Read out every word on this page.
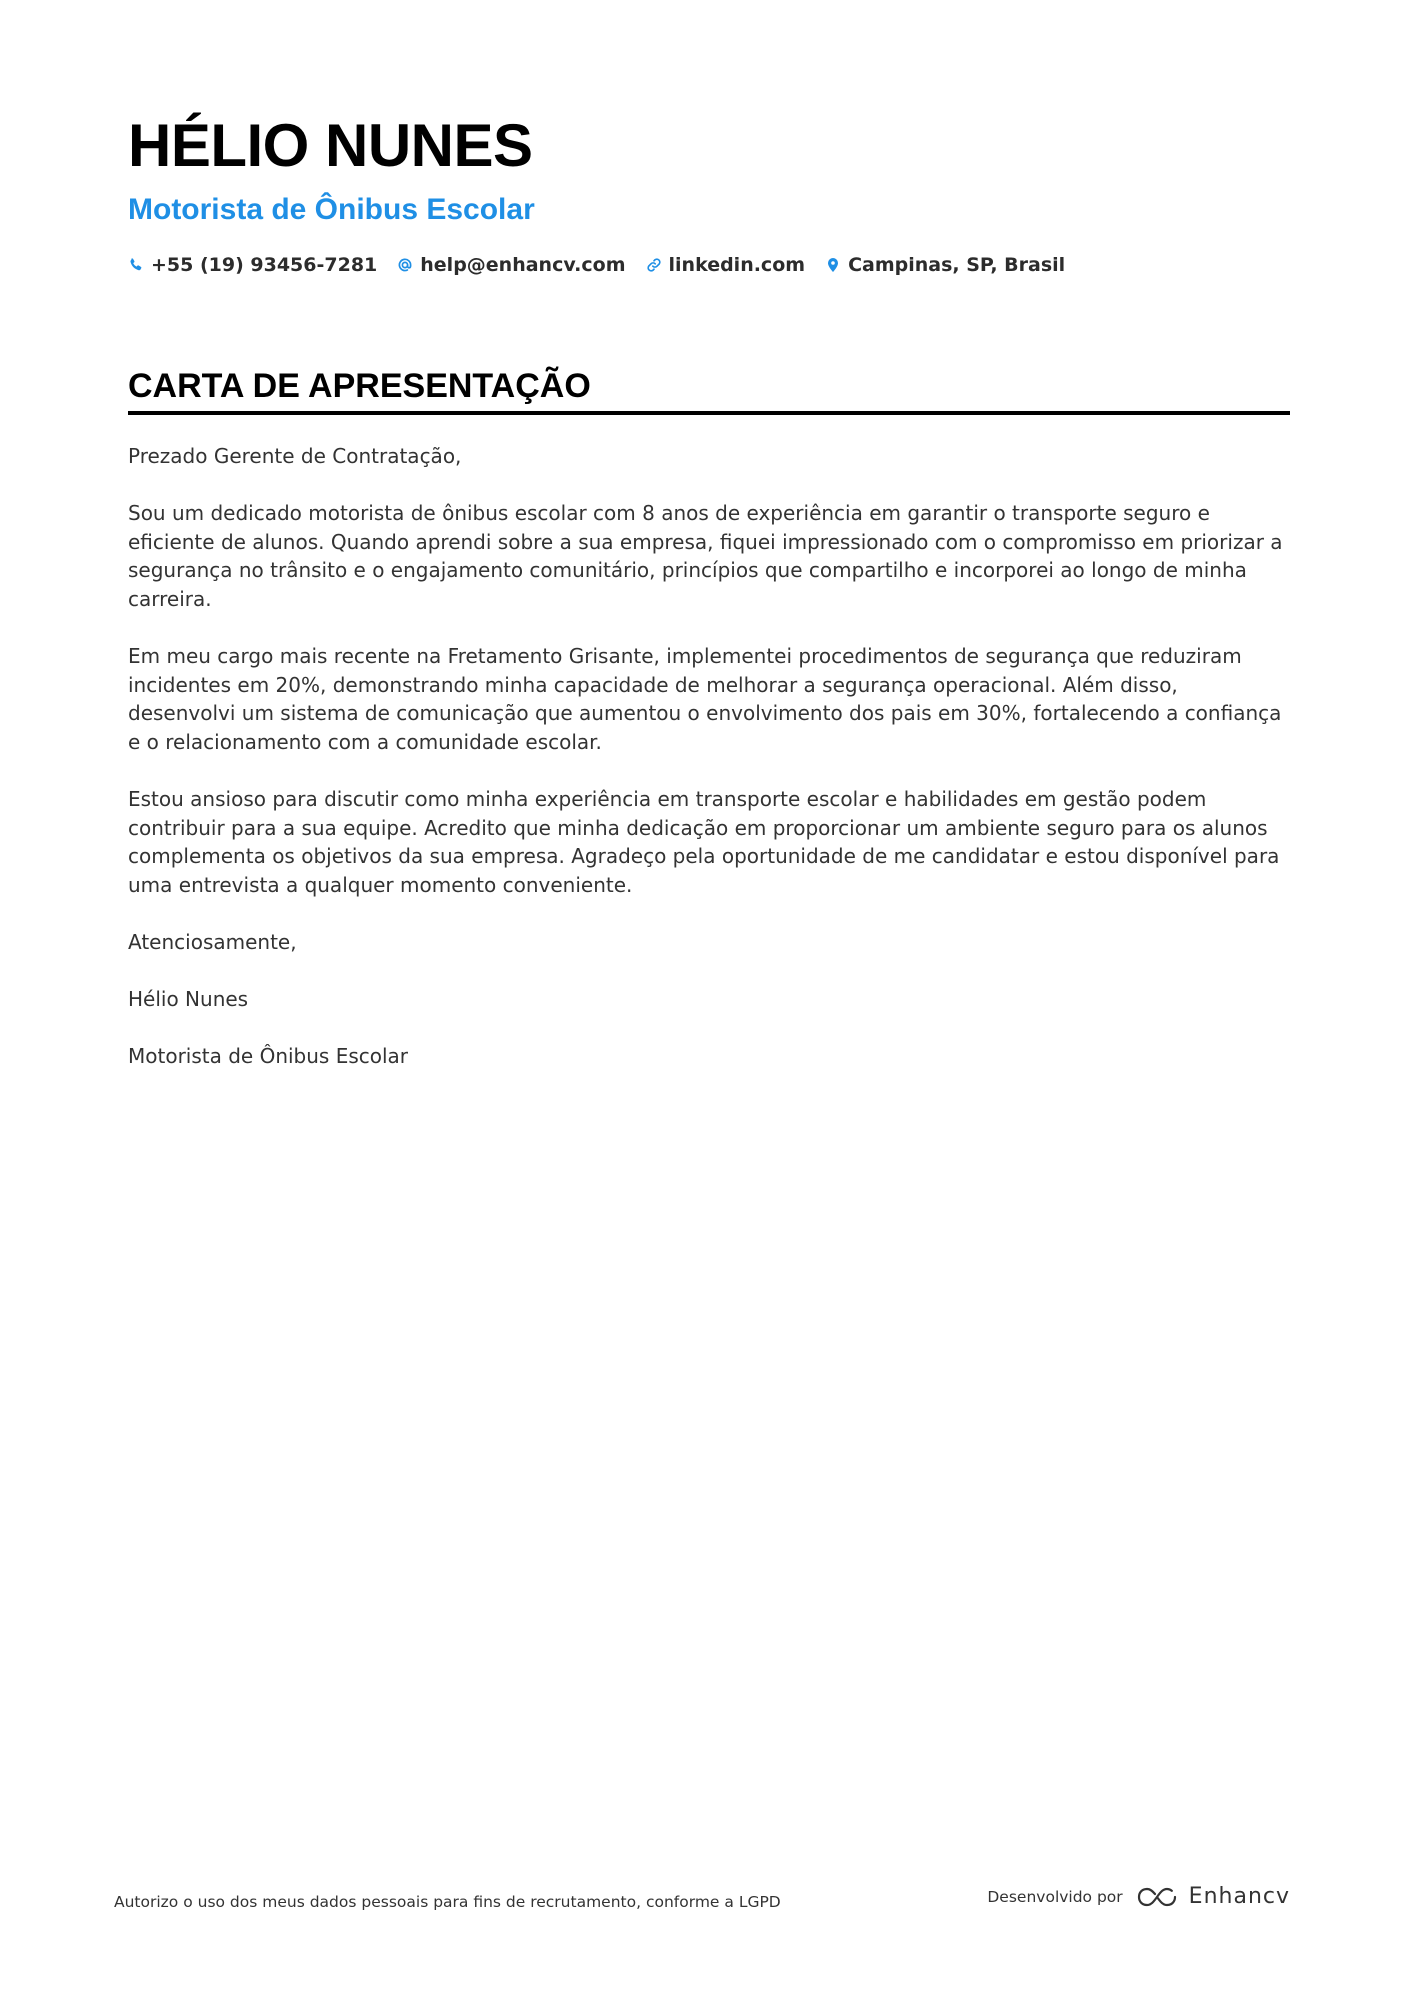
HÉLIO NUNES
Motorista de Ônibus Escolar
+55 (19) 93456-7281 help@enhancv.com linkedin.com Campinas, SP, Brasil
CARTA DE APRESENTAÇÃO

Prezado Gerente de Contratação,

Sou um dedicado motorista de ônibus escolar com 8 anos de experiência em garantir o transporte seguro e eficiente de alunos. Quando aprendi sobre a sua empresa, fiquei impressionado com o compromisso em priorizar a segurança no trânsito e o engajamento comunitário, princípios que compartilho e incorporei ao longo de minha carreira.

Em meu cargo mais recente na Fretamento Grisante, implementei procedimentos de segurança que reduziram incidentes em 20%, demonstrando minha capacidade de melhorar a segurança operacional. Além disso, desenvolvi um sistema de comunicação que aumentou o envolvimento dos pais em 30%, fortalecendo a confiança e o relacionamento com a comunidade escolar.

Estou ansioso para discutir como minha experiência em transporte escolar e habilidades em gestão podem contribuir para a sua equipe. Acredito que minha dedicação em proporcionar um ambiente seguro para os alunos complementa os objetivos da sua empresa. Agradeço pela oportunidade de me candidatar e estou disponível para uma entrevista a qualquer momento conveniente.

Atenciosamente,

Hélio Nunes

Motorista de Ônibus Escolar

Autorizo o uso dos meus dados pessoais para fins de recrutamento, conforme a LGPD	Desenvolvido por	Enhancv
